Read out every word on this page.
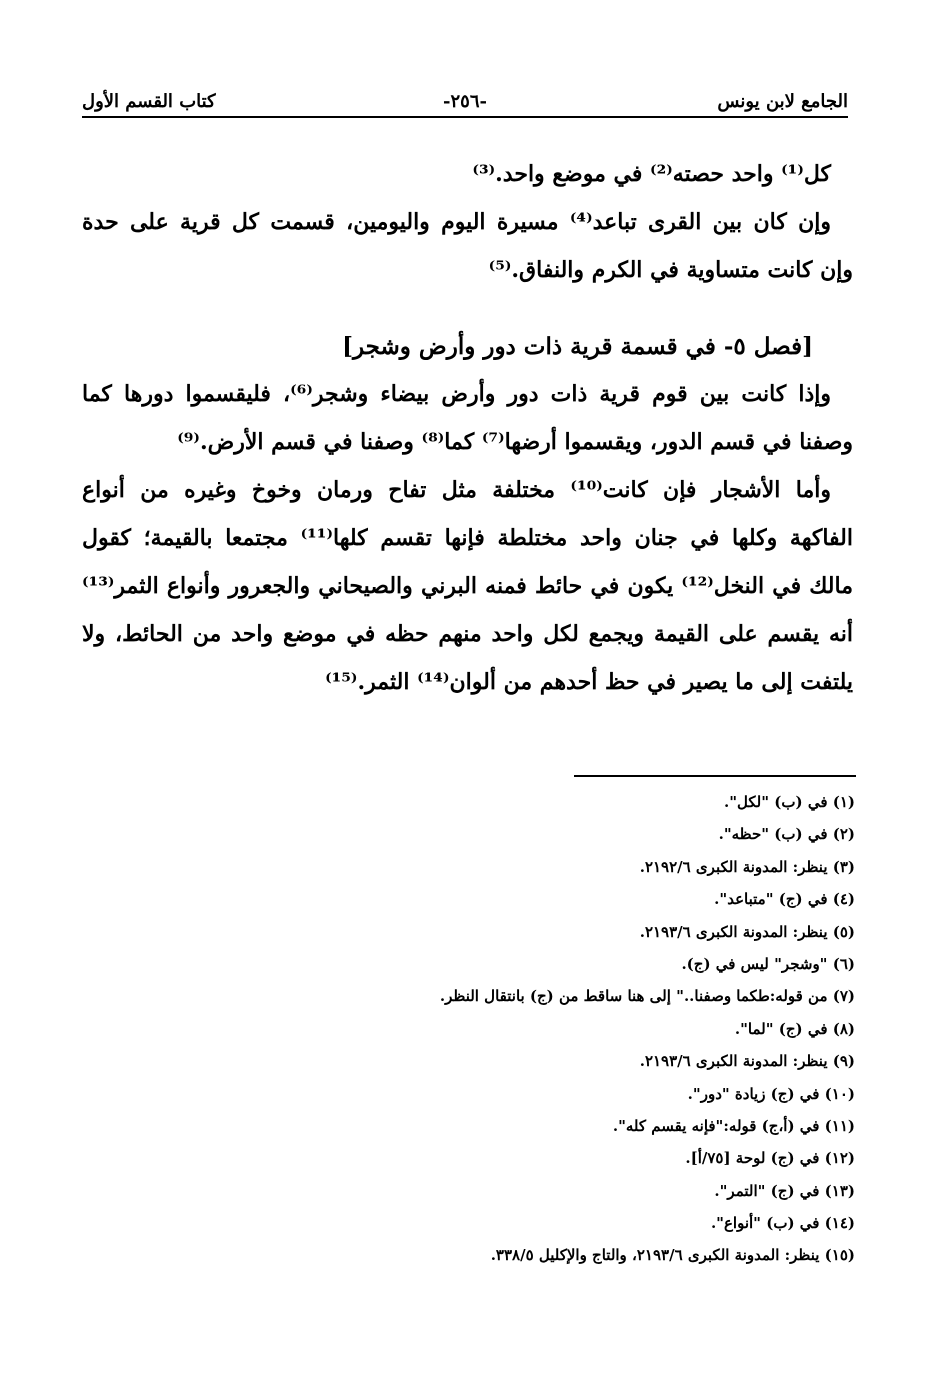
الجامع لابن يونس
-٢٥٦-
كتاب القسم الأول
كل⁽¹⁾ واحد حصته⁽²⁾ في موضع واحد.⁽³⁾
وإن كان بين القرى تباعد⁽⁴⁾ مسيرة اليوم واليومين، قسمت كل قرية على حدة
وإن كانت متساوية في الكرم والنفاق.⁽⁵⁾
[فصل ٥- في قسمة قرية ذات دور وأرض وشجر]
وإذا كانت بين قوم قرية ذات دور وأرض بيضاء وشجر⁽⁶⁾، فليقسموا دورها كما
وصفنا في قسم الدور، ويقسموا أرضها⁽⁷⁾ كما⁽⁸⁾ وصفنا في قسم الأرض.⁽⁹⁾
وأما الأشجار فإن كانت⁽¹⁰⁾ مختلفة مثل تفاح ورمان وخوخ وغيره من أنواع
الفاكهة وكلها في جنان واحد مختلطة فإنها تقسم كلها⁽¹¹⁾ مجتمعا بالقيمة؛ كقول
مالك في النخل⁽¹²⁾ يكون في حائط فمنه البرني والصيحاني والجعرور وأنواع الثمر⁽¹³⁾
أنه يقسم على القيمة ويجمع لكل واحد منهم حظه في موضع واحد من الحائط، ولا
يلتفت إلى ما يصير في حظ أحدهم من ألوان⁽¹⁴⁾ الثمر.⁽¹⁵⁾
(١) في (ب) "لكل".
(٢) في (ب) "حظه".
(٣) ينظر: المدونة الكبرى ٢١٩٢/٦.
(٤) في (ج) "متباعد".
(٥) ينظر: المدونة الكبرى ٢١٩٣/٦.
(٦) "وشجر" ليس في (ج).
(٧) من قوله:طكما وصفنا.." إلى هنا ساقط من (ج) بانتقال النظر.
(٨) في (ج) "لما".
(٩) ينظر: المدونة الكبرى ٢١٩٣/٦.
(١٠) في (ج) زيادة "دور".
(١١) في (أ،ج) قوله:"فإنه يقسم كله".
(١٢) في (ج) لوحة [٧٥/أ].
(١٣) في (ج) "التمر".
(١٤) في (ب) "أنواع".
(١٥) ينظر: المدونة الكبرى ٢١٩٣/٦، والتاج والإكليل ٣٣٨/٥.
